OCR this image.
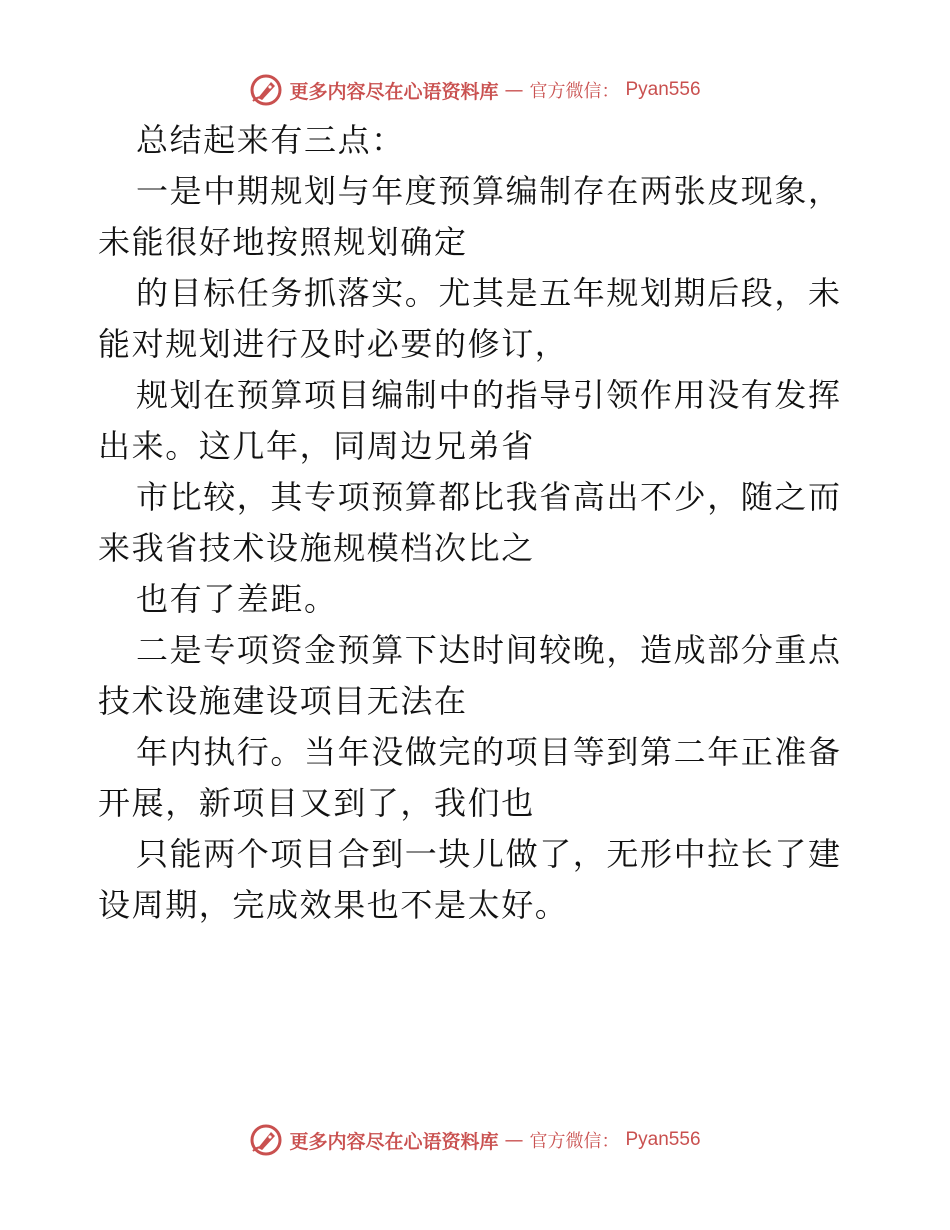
更多内容尽在心语资料库 — 官方微信： Pyan556
总结起来有三点：
一是中期规划与年度预算编制存在两张皮现象，
未能很好地按照规划确定
的目标任务抓落实。尤其是五年规划期后段，未
能对规划进行及时必要的修订，
规划在预算项目编制中的指导引领作用没有发挥
出来。这几年，同周边兄弟省
市比较，其专项预算都比我省高出不少，随之而
来我省技术设施规模档次比之
也有了差距。
二是专项资金预算下达时间较晚，造成部分重点
技术设施建设项目无法在
年内执行。当年没做完的项目等到第二年正准备
开展，新项目又到了，我们也
只能两个项目合到一块儿做了，无形中拉长了建
设周期，完成效果也不是太好。
更多内容尽在心语资料库 — 官方微信： Pyan556
